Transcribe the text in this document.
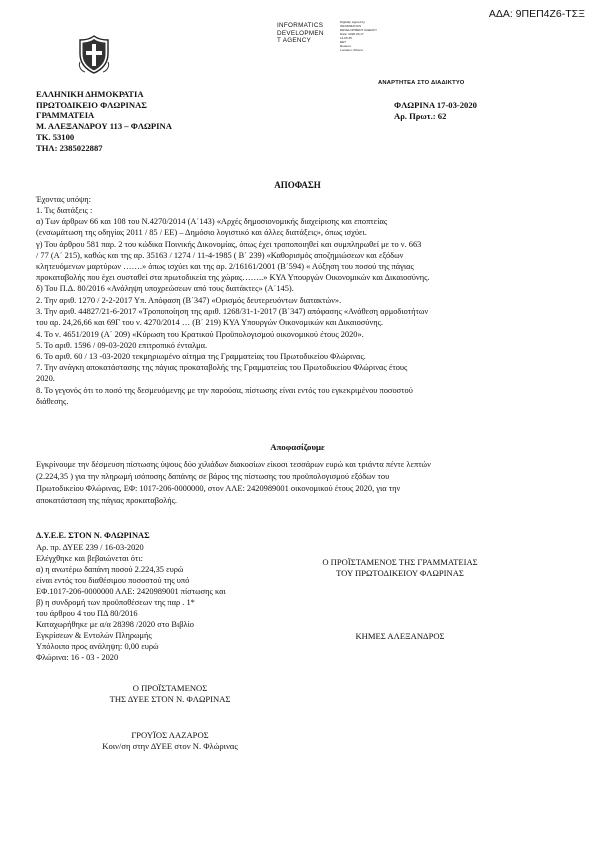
ΑΔΑ: 9ΠΕΠ4Ζ6-ΤΣΞ
INFORMATICS
DEVELOPMEN
T AGENCY
Digitally signed by
INFORMATICS
DEVELOPMENT AGENCY
Date: 2020.03.17
11:03:45
EET
Reason:
Location: Athens
ΑΝΑΡΤΗΤΕΑ ΣΤΟ ΔΙΑΔΙΚΤΥΟ
ΕΛΛΗΝΙΚΗ ΔΗΜΟΚΡΑΤΙΑ
ΠΡΩΤΟΔΙΚΕΙΟ ΦΛΩΡΙΝΑΣ
ΓΡΑΜΜΑΤΕΙΑ
Μ. ΑΛΕΞΑΝΔΡΟΥ 113 – ΦΛΩΡΙΝΑ
ΤΚ. 53100
ΤΗΛ: 2385022887
ΦΛΩΡΙΝΑ 17-03-2020
Αρ. Πρωτ.: 62
ΑΠΟΦΑΣΗ
Έχοντας υπόψη:
1. Τις διατάξεις :
α) Των άρθρων 66 και 108 του Ν.4270/2014 (Α΄143) «Αρχές δημοσιονομικής διαχείρισης και εποπτείας
(ενσωμάτωση της οδηγίας 2011 / 85 / ΕΕ) – Δημόσιο λογιστικό και άλλες διατάξεις», όπως ισχύει.
γ) Του άρθρου 581 παρ. 2 του κώδικα Ποινικής Δικονομίας, όπως έχει τροποποιηθεί και συμπληρωθεί με το ν. 663
/ 77 (Α΄ 215), καθώς και της αρ. 35163 / 1274 / 11-4-1985 ( Β΄ 239) «Καθορισμός αποζημιώσεων και εξόδων
κλητευόμενων μαρτύρων …….» όπως ισχύει και της αρ. 2/16161/2001 (Β΄594) « Αύξηση του ποσού της πάγιας
προκαταβολής που έχει συσταθεί στα πρωτοδικεία της χώρας……..» ΚΥΑ Υπουργών Οικονομικών και Δικαιοσύνης.
δ) Του Π.Δ. 80/2016 «Ανάληψη υποχρεώσεων από τους διατάκτες» (Α΄145).
2. Την αριθ. 1270 / 2-2-2017 Υπ. Απόφαση (Β΄347) «Ορισμός δευτερευόντων διατακτών».
3. Την αριθ. 44827/21-6-2017 «Τροποποίηση της αριθ. 1268/31-1-2017 (Β΄347) απόφασης «Ανάθεση αρμοδιοτήτων
του αρ. 24,26,66 και 69Γ του ν. 4270/2014 … (Β΄ 219) ΚΥΑ Υπουργών Οικονομικών και Δικαιοσύνης.
4. Το ν. 4651/2019 (Α΄ 209) «Κύρωση του Κρατικού Προϋπολογισμού οικονομικού έτους 2020».
5. Το αριθ. 1596 / 09-03-2020 επιτροπικό ένταλμα.
6. Το αριθ. 60 / 13 -03-2020 τεκμηριωμένο αίτημα της Γραμματείας του Πρωτοδικείου Φλώρινας.
7. Την ανάγκη αποκατάστασης της πάγιας προκαταβολής της Γραμματείας του Πρωτοδικείου Φλώρινας έτους
2020.
8. Το γεγονός ότι το ποσό της δεσμευόμενης με την παρούσα, πίστωσης είναι εντός του εγκεκριμένου ποσοστού
διάθεσης.
Αποφασίζουμε
Εγκρίνουμε την δέσμευση πίστωσης ύψους δύο χιλιάδων διακοσίων είκοσι τεσσάρων ευρώ και τριάντα πέντε λεπτών
(2.224,35 ) για την πληρωμή ισόποσης δαπάνης σε βάρος της πίστωσης του προϋπολογισμού εξόδων του
Πρωτοδικείου Φλώρινας, ΕΦ: 1017-206-0000000, στον ΑΛΕ: 2420989001 οικονομικού έτους 2020, για την
αποκατάσταση της πάγιας προκαταβολής.
Δ.Υ.Ε.Ε. ΣΤΟΝ Ν. ΦΛΩΡΙΝΑΣ
Αρ. πρ. ΔΥΕΕ 239 / 16-03-2020
Ελέγχθηκε και βεβαιώνεται ότι:
α) η ανωτέρω δαπάνη ποσού 2.224,35 ευρώ
είναι εντός του διαθέσιμου ποσοστού της υπό
ΕΦ.1017-206-0000000 ΑΛΕ: 2420989001 πίστωσης και
β) η συνδρομή των προϋποθέσεων της παρ . 1*
του άρθρου 4 του ΠΔ 80/2016
Καταχωρήθηκε με α/α 28398 /2020 στο Βιβλίο
Εγκρίσεων & Εντολών Πληρωμής
Υπόλοιπο προς ανάληψη: 0,00 ευρώ
Φλώρινα: 16 - 03 - 2020
Ο ΠΡΟΪΣΤΑΜΕΝΟΣ ΤΗΣ ΓΡΑΜΜΑΤΕΙΑΣ
ΤΟΥ ΠΡΩΤΟΔΙΚΕΙΟΥ ΦΛΩΡΙΝΑΣ
ΚΗΜΕΣ ΑΛΕΞΑΝΔΡΟΣ
Ο ΠΡΟΪΣΤΑΜΕΝΟΣ
ΤΗΣ ΔΥΕΕ ΣΤΟΝ Ν. ΦΛΩΡΙΝΑΣ
ΓΡΟΥΪΟΣ ΛΑΖΑΡΟΣ
Κοιν/ση στην ΔΥΕΕ στον Ν. Φλώρινας
